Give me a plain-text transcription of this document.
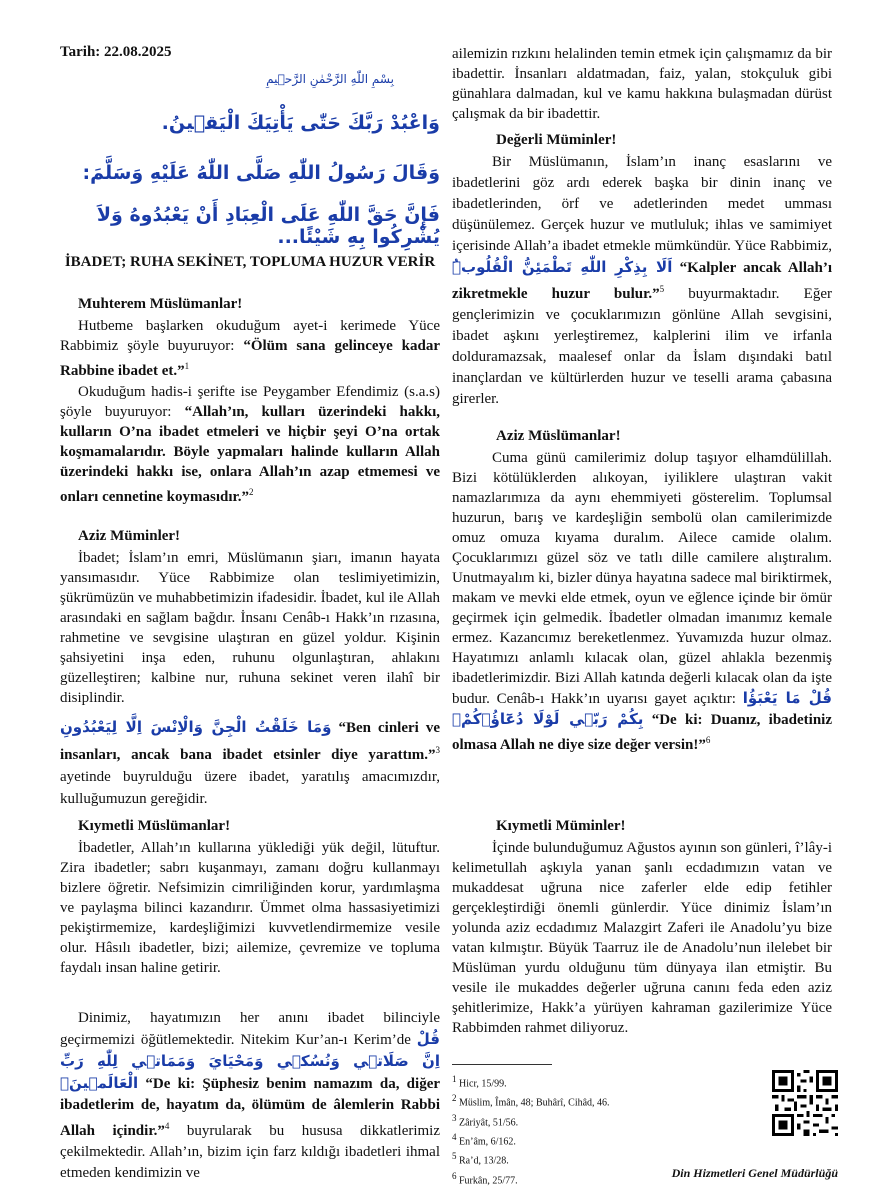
Tarih: 22.08.2025
بِسْمِ اللّٰهِ الرَّحْمٰنِ الرَّح۪يمِ
وَاعْبُدْ رَبَّكَ حَتّٰى يَأْتِيَكَ الْيَق۪ينُ.
وَقَالَ رَسُولُ اللّٰهِ صَلَّى اللّٰهُ عَلَيْهِ وَسَلَّمَ:
فَإِنَّ حَقَّ اللّٰهِ عَلَى الْعِبَادِ أَنْ يَعْبُدُوهُ وَلاَ يُشْرِكُوا بِهِ شَيْئًا...
İBADET; RUHA SEKİNET, TOPLUMA HUZUR VERİR
Muhterem Müslümanlar!
Hutbeme başlarken okuduğum ayet-i kerimede Yüce Rabbimiz şöyle buyuruyor: “Ölüm sana gelinceye kadar Rabbine ibadet et.”$^1$
Okuduğum hadis-i şerifte ise Peygamber Efendimiz (s.a.s) şöyle buyuruyor: “Allah’ın, kulları üzerindeki hakkı, kulların O’na ibadet etmeleri ve hiçbir şeyi O’na ortak koşmamalarıdır. Böyle yapmaları halinde kulların Allah üzerindeki hakkı ise, onlara Allah’ın azap etmemesi ve onları cennetine koymasıdır.”$^2$
Aziz Müminler!
İbadet; İslam’ın emri, Müslümanın şiarı, imanın hayata yansımasıdır. Yüce Rabbimize olan teslimiyetimizin, şükrümüzün ve muhabbetimizin ifadesidir. İbadet, kul ile Allah arasındaki en sağlam bağdır. İnsanı Cenâb-ı Hakk’ın rızasına, rahmetine ve sevgisine ulaştıran en güzel yoldur. Kişinin şahsiyetini inşa eden, ruhunu olgunlaştıran, ahlakını güzelleştiren; kalbine nur, ruhuna sekinet veren ilahî bir disiplindir.
وَمَا خَلَقْتُ الْجِنَّ وَالْاِنْسَ اِلَّا لِيَعْبُدُونِ “Ben cinleri ve insanları, ancak bana ibadet etsinler diye yarattım.”$^3$ ayetinde buyrulduğu üzere ibadet, yaratılış amacımızdır, kulluğumuzun gereğidir.
Kıymetli Müslümanlar!
İbadetler, Allah’ın kullarına yüklediği yük değil, lütuftur. Zira ibadetler; sabrı kuşanmayı, zamanı doğru kullanmayı bizlere öğretir. Nefsimizin cimriliğinden korur, yardımlaşma ve paylaşma bilinci kazandırır. Ümmet olma hassasiyetimizi pekiştirmemize, kardeşliğimizi kuvvetlendirmemize vesile olur. Hâsılı ibadetler, bizi; ailemize, çevremize ve topluma faydalı insan haline getirir.
Dinimiz, hayatımızın her anını ibadet bilinciyle geçirmemizi öğütlemektedir. Nitekim Kur’an-ı Kerim’de قُلْ اِنَّ صَلَات۪ي وَنُسُك۪ي وَمَحْيَايَ وَمَمَات۪ي لِلّٰهِ رَبِّ الْعَالَم۪ينَۙ “De ki: Şüphesiz benim namazım da, diğer ibadetlerim de, hayatım da, ölümüm de âlemlerin Rabbi Allah içindir.”$^4$ buyrularak bu hususa dikkatlerimiz çekilmektedir. Allah’ın, bizim için farz kıldığı ibadetleri ihmal etmeden kendimizin ve
ailemizin rızkını helalinden temin etmek için çalışmamız da bir ibadettir. İnsanları aldatmadan, faiz, yalan, stokçuluk gibi günahlara dalmadan, kul ve kamu hakkına bulaşmadan dürüst çalışmak da bir ibadettir.
Değerli Müminler!
Bir Müslümanın, İslam’ın inanç esaslarını ve ibadetlerini göz ardı ederek başka bir dinin inanç ve ibadetlerinden, örf ve adetlerinden medet umması düşünülemez. Gerçek huzur ve mutluluk; ihlas ve samimiyet içerisinde Allah’a ibadet etmekle mümkündür. Yüce Rabbimiz, اَلَا بِذِكْرِ اللّٰهِ تَطْمَئِنُّ الْقُلُوبُۜ “Kalpler ancak Allah’ı zikretmekle huzur bulur.”$^5$ buyurmaktadır. Eğer gençlerimizin ve çocuklarımızın gönlüne Allah sevgisini, ibadet aşkını yerleştiremez, kalplerini ilim ve irfanla dolduramazsak, maalesef onlar da İslam dışındaki batıl inançlardan ve kültürlerden huzur ve teselli arama çabasına girerler.
Aziz Müslümanlar!
Cuma günü camilerimiz dolup taşıyor elhamdülillah. Bizi kötülüklerden alıkoyan, iyiliklere ulaştıran vakit namazlarımıza da aynı ehemmiyeti gösterelim. Toplumsal huzurun, barış ve kardeşliğin sembolü olan camilerimizde omuz omuza kıyama duralım. Ailece camide olalım. Çocuklarımızı güzel söz ve tatlı dille camilere alıştıralım. Unutmayalım ki, bizler dünya hayatına sadece mal biriktirmek, makam ve mevki elde etmek, oyun ve eğlence içinde bir ömür geçirmek için gelmedik. İbadetler olmadan imanımız kemale ermez. Kazancımız bereketlenmez. Yuvamızda huzur olmaz. Hayatımızı anlamlı kılacak olan, güzel ahlakla bezenmiş ibadetlerimizdir. Bizi Allah katında değerli kılacak olan da işte budur. Cenâb-ı Hakk’ın uyarısı gayet açıktır: قُلْ مَا يَعْبَؤُا بِكُمْ رَبّ۪ي لَوْلَا دُعَٓاؤُ۬كُمْۚ “De ki: Duanız, ibadetiniz olmasa Allah ne diye size değer versin!”$^6$
Kıymetli Müminler!
İçinde bulunduğumuz Ağustos ayının son günleri, î’lây-i kelimetullah aşkıyla yanan şanlı ecdadımızın vatan ve mukaddesat uğruna nice zaferler elde edip fetihler gerçekleştirdiği önemli günlerdir. Yüce dinimiz İslam’ın yolunda aziz ecdadımız Malazgirt Zaferi ile Anadolu’yu bize vatan kılmıştır. Büyük Taarruz ile de Anadolu’nun ilelebet bir Müslüman yurdu olduğunu tüm dünyaya ilan etmiştir. Bu vesile ile mukaddes değerler uğruna canını feda eden aziz şehitlerimize, Hakk’a yürüyen kahraman gazilerimize Yüce Rabbimden rahmet diliyoruz.
$^1$ Hicr, 15/99.
$^2$ Müslim, Îmân, 48; Buhârî, Cihâd, 46.
$^3$ Zâriyât, 51/56.
$^4$ En’âm, 6/162.
$^5$ Ra’d, 13/28.
$^6$ Furkân, 25/77.
Din Hizmetleri Genel Müdürlüğü
